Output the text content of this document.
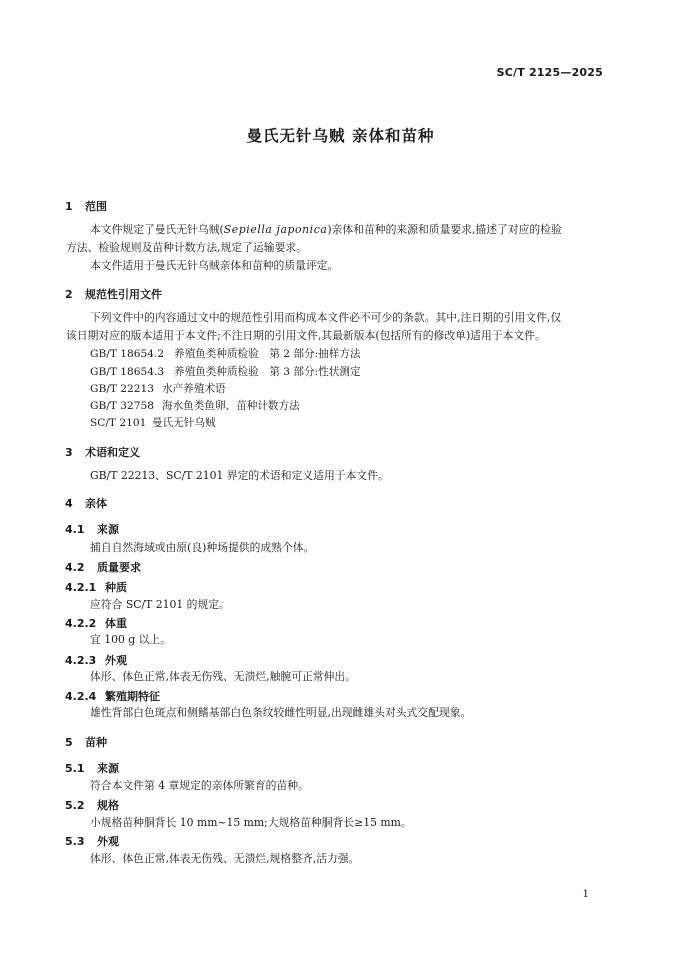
SC/T 2125—2025
曼氏无针乌贼 亲体和苗种
1 范围
本文件规定了曼氏无针乌贼(Sepiella japonica)亲体和苗种的来源和质量要求,描述了对应的检验
方法、检验规则及苗种计数方法,规定了运输要求。
本文件适用于曼氏无针乌贼亲体和苗种的质量评定。
2 规范性引用文件
下列文件中的内容通过文中的规范性引用而构成本文件必不可少的条款。其中,注日期的引用文件,仅
该日期对应的版本适用于本文件;不注日期的引用文件,其最新版本(包括所有的修改单)适用于本文件。
GB/T 18654.2 养殖鱼类种质检验　第 2 部分:抽样方法
GB/T 18654.3 养殖鱼类种质检验　第 3 部分:性状测定
GB/T 22213 水产养殖术语
GB/T 32758 海水鱼类鱼卵、苗种计数方法
SC/T 2101 曼氏无针乌贼
3 术语和定义
GB/T 22213、SC/T 2101 界定的术语和定义适用于本文件。
4 亲体
4.1 来源
捕自自然海域或由原(良)种场提供的成熟个体。
4.2 质量要求
4.2.1 种质
应符合 SC/T 2101 的规定。
4.2.2 体重
宜 100 g 以上。
4.2.3 外观
体形、体色正常,体表无伤残、无溃烂,触腕可正常伸出。
4.2.4 繁殖期特征
雄性背部白色斑点和侧鳍基部白色条纹较雌性明显,出现雌雄头对头式交配现象。
5 苗种
5.1 来源
符合本文件第 4 章规定的亲体所繁育的苗种。
5.2 规格
小规格苗种胴背长 10 mm~15 mm;大规格苗种胴背长≥15 mm。
5.3 外观
体形、体色正常,体表无伤残、无溃烂,规格整齐,活力强。
1
